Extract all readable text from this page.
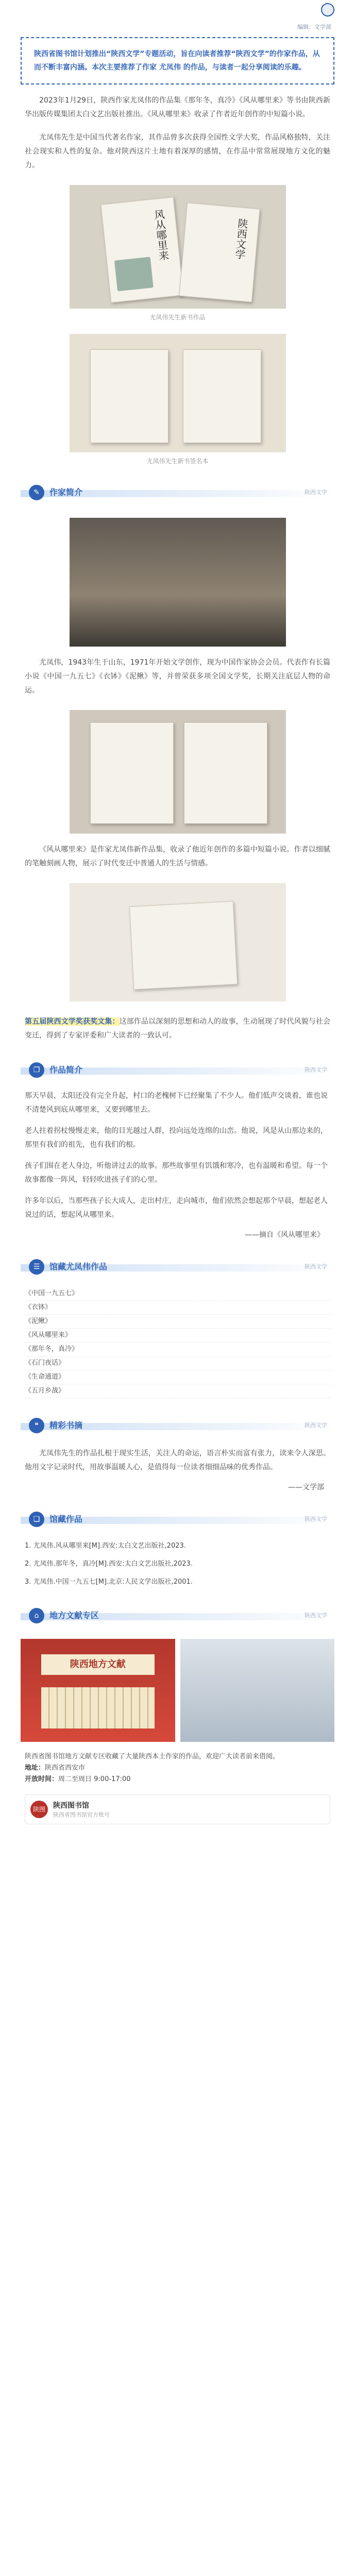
编辑：文学部
陕西省图书馆计划推出“陕西文学”专题活动，旨在向读者推荐“陕西文学”的作家作品，从而不断丰富内涵。本次主要推荐了作家 尤凤伟 的作品，与读者一起分享阅读的乐趣。
2023年1月29日，陕西作家尤凤伟的作品集《那年冬，真冷》《风从哪里来》等书由陕西新华出版传媒集团太白文艺出版社推出。《风从哪里来》收录了作者近年创作的中短篇小说。
尤凤伟先生是中国当代著名作家，其作品曾多次获得全国性文学大奖，作品风格独特，关注社会现实和人性的复杂。他对陕西这片土地有着深厚的感情，在作品中常常展现地方文化的魅力。
风从哪里来	陕西文学
尤凤伟先生新书作品
尤凤伟先生新书签名本
✎	作家简介	陕西文学
尤凤伟，1943年生于山东，1971年开始文学创作，现为中国作家协会会员。代表作有长篇小说《中国一九五七》《衣钵》《泥鳅》等，并曾荣获多项全国文学奖，长期关注底层人物的命运。
《风从哪里来》是作家尤凤伟新作品集，收录了他近年创作的多篇中短篇小说。作者以细腻的笔触刻画人物，展示了时代变迁中普通人的生活与情感。
第五届陕西文学奖获奖文集：这部作品以深刻的思想和动人的故事，生动展现了时代风貌与社会变迁，得到了专家评委和广大读者的一致认可。
❐	作品简介	陕西文学
那天早晨，太阳还没有完全升起，村口的老槐树下已经聚集了不少人。他们低声交谈着，谁也说不清楚风到底从哪里来，又要到哪里去。
老人拄着拐杖慢慢走来，他的目光越过人群，投向远处连绵的山峦。他说，风是从山那边来的，那里有我们的祖先，也有我们的根。
孩子们围在老人身边，听他讲过去的故事。那些故事里有饥饿和寒冷，也有温暖和希望。每一个故事都像一阵风，轻轻吹进孩子们的心里。
许多年以后，当那些孩子长大成人，走出村庄，走向城市，他们依然会想起那个早晨，想起老人说过的话，想起风从哪里来。
——摘自《风从哪里来》
☰	馆藏尤凤伟作品	陕西文学
《中国一九五七》
《衣钵》
《泥鳅》
《风从哪里来》
《那年冬，真冷》
《石门夜话》
《生命通道》
《五月乡战》
❝	精彩书摘	陕西文学
尤凤伟先生的作品扎根于现实生活，关注人的命运，语言朴实而富有张力，读来令人深思。他用文字记录时代，用故事温暖人心，是值得每一位读者细细品味的优秀作品。
——文学部
❏	馆藏作品	陕西文学
1. 尤凤伟.风从哪里来[M].西安:太白文艺出版社,2023.
2. 尤凤伟.那年冬，真冷[M].西安:太白文艺出版社,2023.
3. 尤凤伟.中国一九五七[M].北京:人民文学出版社,2001.
⌂	地方文献专区	陕西文学
陕西地方文献
陕西省图书馆地方文献专区收藏了大量陕西本土作家的作品，欢迎广大读者前来借阅。
地址：陕西省西安市
开放时间：周二至周日 9:00-17:00
陕图	陕西图书馆
陕西省图书馆官方账号
